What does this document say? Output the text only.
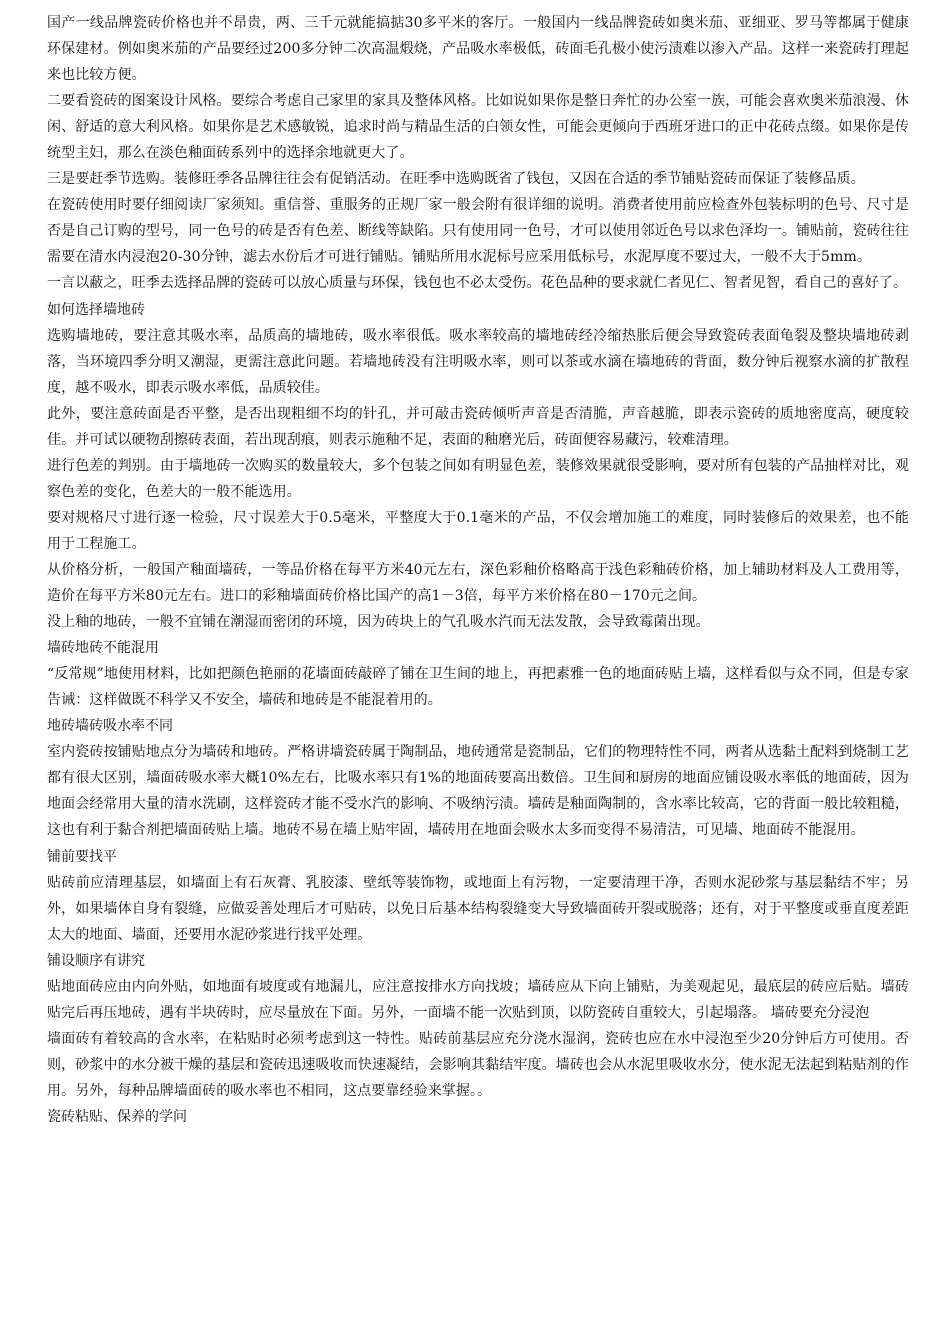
国产一线品牌瓷砖价格也并不昂贵，两、三千元就能搞掂30多平米的客厅。一般国内一线品牌瓷砖如奥米茄、亚细亚、罗马等都属于健康环保建材。例如奥米茄的产品要经过200多分钟二次高温煅烧，产品吸水率极低，砖面毛孔极小使污渍难以渗入产品。这样一来瓷砖打理起来也比较方便。

二要看瓷砖的图案设计风格。要综合考虑自己家里的家具及整体风格。比如说如果你是整日奔忙的办公室一族，可能会喜欢奥米茄浪漫、休闲、舒适的意大利风格。如果你是艺术感敏锐，追求时尚与精品生活的白领女性，可能会更倾向于西班牙进口的正中花砖点缀。如果你是传统型主妇，那么在淡色釉面砖系列中的选择余地就更大了。

三是要赶季节选购。装修旺季各品牌往往会有促销活动。在旺季中选购既省了钱包，又因在合适的季节铺贴瓷砖而保证了装修品质。

在瓷砖使用时要仔细阅读厂家须知。重信誉、重服务的正规厂家一般会附有很详细的说明。消费者使用前应检查外包装标明的色号、尺寸是否是自己订购的型号，同一色号的砖是否有色差、断线等缺陷。只有使用同一色号，才可以使用邻近色号以求色泽均一。铺贴前，瓷砖往往需要在清水内浸泡20-30分钟，滤去水份后才可进行铺贴。铺贴所用水泥标号应采用低标号，水泥厚度不要过大，一般不大于5mm。

一言以蔽之，旺季去选择品牌的瓷砖可以放心质量与环保，钱包也不必太受伤。花色品种的要求就仁者见仁、智者见智，看自己的喜好了。

如何选择墙地砖

选购墙地砖，要注意其吸水率，品质高的墙地砖，吸水率很低。吸水率较高的墙地砖经冷缩热胀后便会导致瓷砖表面龟裂及整块墙地砖剥落，当环境四季分明又潮湿，更需注意此问题。若墙地砖没有注明吸水率，则可以茶或水滴在墙地砖的背面，数分钟后视察水滴的扩散程度，越不吸水，即表示吸水率低，品质较佳。

此外，要注意砖面是否平整，是否出现粗细不均的针孔，并可敲击瓷砖倾听声音是否清脆，声音越脆，即表示瓷砖的质地密度高，硬度较佳。并可试以硬物刮擦砖表面，若出现刮痕，则表示施釉不足，表面的釉磨光后，砖面便容易藏污，较难清理。

进行色差的判别。由于墙地砖一次购买的数量较大，多个包装之间如有明显色差，装修效果就很受影响，要对所有包装的产品抽样对比，观察色差的变化，色差大的一般不能选用。

要对规格尺寸进行逐一检验，尺寸误差大于0.5毫米，平整度大于0.1毫米的产品，不仅会增加施工的难度，同时装修后的效果差，也不能用于工程施工。

从价格分析，一般国产釉面墙砖，一等品价格在每平方米40元左右，深色彩釉价格略高于浅色彩釉砖价格，加上辅助材料及人工费用等，造价在每平方米80元左右。进口的彩釉墙面砖价格比国产的高1－3倍，每平方米价格在80－170元之间。

没上釉的地砖，一般不宜铺在潮湿而密闭的环境，因为砖块上的气孔吸水汽而无法发散，会导致霉菌出现。

墙砖地砖不能混用

“反常规”地使用材料，比如把颜色艳丽的花墙面砖敲碎了铺在卫生间的地上，再把素雅一色的地面砖贴上墙，这样看似与众不同，但是专家告诫：这样做既不科学又不安全，墙砖和地砖是不能混着用的。

地砖墙砖吸水率不同

室内瓷砖按铺贴地点分为墙砖和地砖。严格讲墙瓷砖属于陶制品，地砖通常是瓷制品，它们的物理特性不同，两者从选黏土配料到烧制工艺都有很大区别，墙面砖吸水率大概10%左右，比吸水率只有1%的地面砖要高出数倍。卫生间和厨房的地面应铺设吸水率低的地面砖，因为地面会经常用大量的清水洗刷，这样瓷砖才能不受水汽的影响、不吸纳污渍。墙砖是釉面陶制的，含水率比较高，它的背面一般比较粗糙，这也有利于黏合剂把墙面砖贴上墙。地砖不易在墙上贴牢固，墙砖用在地面会吸水太多而变得不易清洁，可见墙、地面砖不能混用。

铺前要找平

贴砖前应清理基层，如墙面上有石灰膏、乳胶漆、壁纸等装饰物，或地面上有污物，一定要清理干净，否则水泥砂浆与基层黏结不牢；另外，如果墙体自身有裂缝，应做妥善处理后才可贴砖，以免日后基本结构裂缝变大导致墙面砖开裂或脱落；还有，对于平整度或垂直度差距太大的地面、墙面，还要用水泥砂浆进行找平处理。

铺设顺序有讲究

贴地面砖应由内向外贴，如地面有坡度或有地漏儿，应注意按排水方向找坡；墙砖应从下向上铺贴，为美观起见，最底层的砖应后贴。墙砖贴完后再压地砖，遇有半块砖时，应尽量放在下面。另外，一面墙不能一次贴到顶，以防瓷砖自重较大，引起塌落。 墙砖要充分浸泡

墙面砖有着较高的含水率，在粘贴时必须考虑到这一特性。贴砖前基层应充分浇水湿润，瓷砖也应在水中浸泡至少20分钟后方可使用。否则，砂浆中的水分被干燥的基层和瓷砖迅速吸收而快速凝结，会影响其黏结牢度。墙砖也会从水泥里吸收水分，使水泥无法起到粘贴剂的作用。另外，每种品牌墙面砖的吸水率也不相同，这点要靠经验来掌握。。

瓷砖粘贴、保养的学问
